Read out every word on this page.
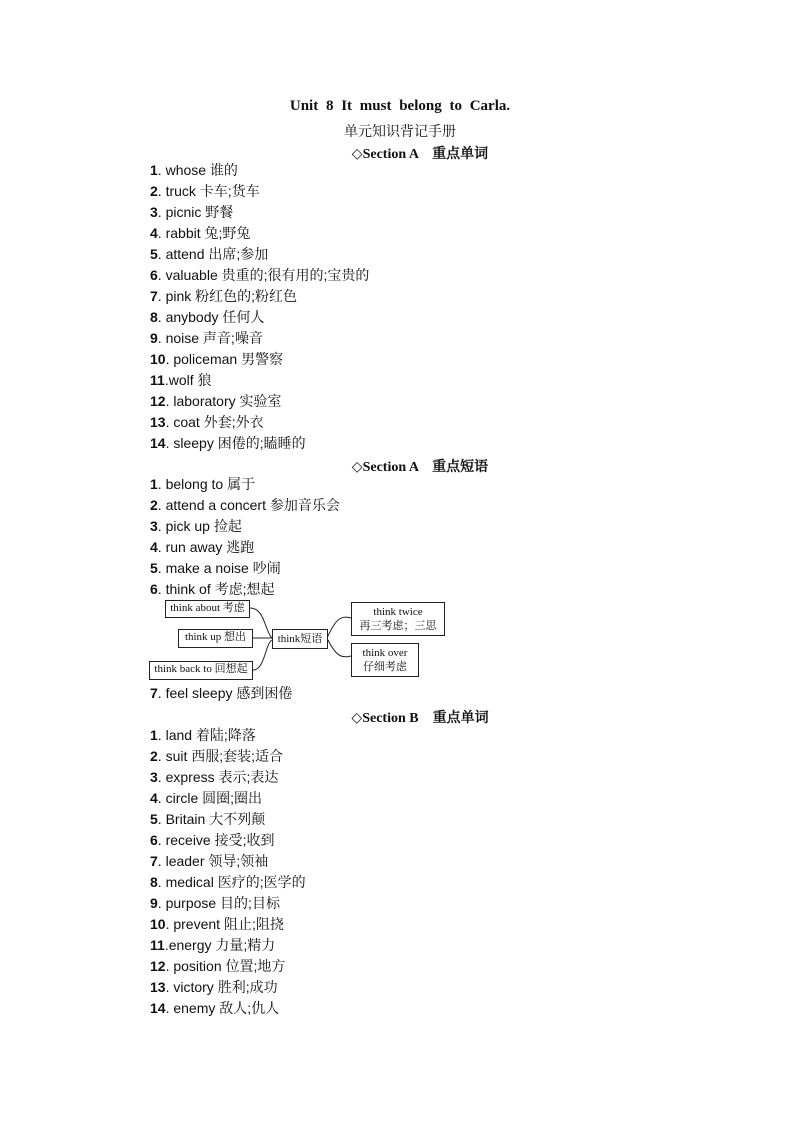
Unit 8 It must belong to Carla.
单元知识背记手册
◇Section A　重点单词
1. whose 谁的
2. truck 卡车;货车
3. picnic 野餐
4. rabbit 兔;野兔
5. attend 出席;参加
6. valuable 贵重的;很有用的;宝贵的
7. pink 粉红色的;粉红色
8. anybody 任何人
9. noise 声音;噪音
10. policeman 男警察
11.wolf 狼
12. laboratory 实验室
13. coat 外套;外衣
14. sleepy 困倦的;瞌睡的
◇Section A　重点短语
1. belong to 属于
2. attend a concert 参加音乐会
3. pick up 捡起
4. run away 逃跑
5. make a noise 吵闹
6. think of 考虑;想起
think about 考虑
think up 想出
think back to 回想起
think短语
think twice
再三考虑；三思
think over
仔细考虑
7. feel sleepy 感到困倦
◇Section B　重点单词
1. land 着陆;降落
2. suit 西服;套装;适合
3. express 表示;表达
4. circle 圆圈;圈出
5. Britain 大不列颠
6. receive 接受;收到
7. leader 领导;领袖
8. medical 医疗的;医学的
9. purpose 目的;目标
10. prevent 阻止;阻挠
11.energy 力量;精力
12. position 位置;地方
13. victory 胜利;成功
14. enemy 敌人;仇人
